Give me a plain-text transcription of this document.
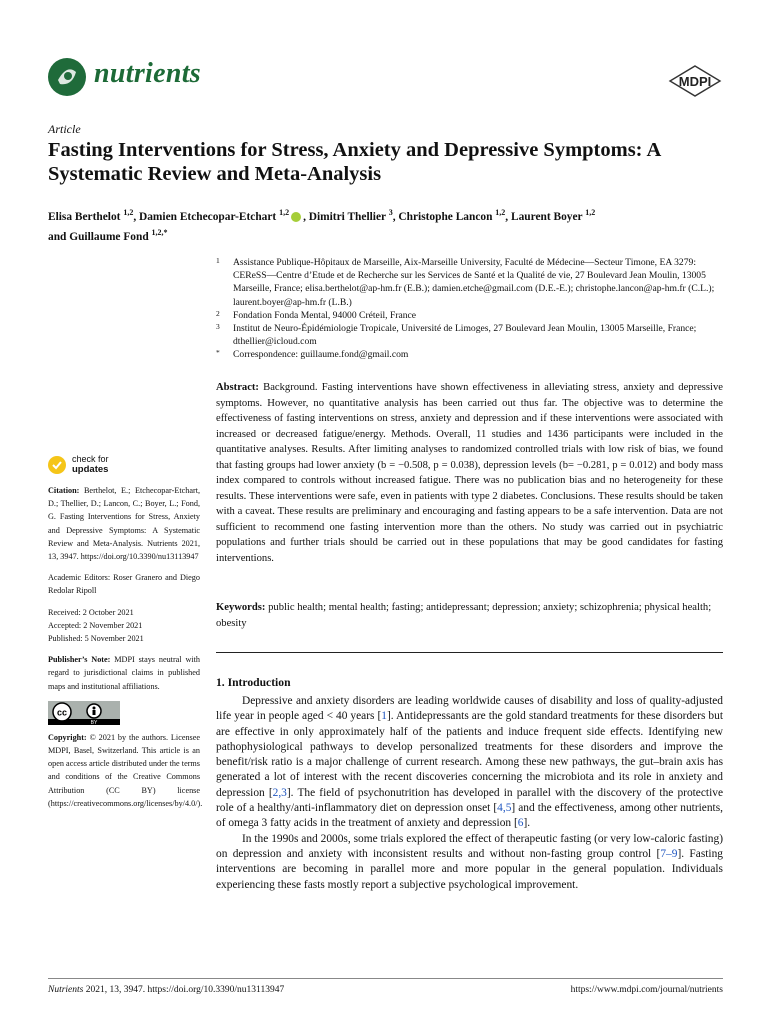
nutrients	MDPI
Article
Fasting Interventions for Stress, Anxiety and Depressive Symptoms: A Systematic Review and Meta-Analysis
Elisa Berthelot $^{1,2}$, Damien Etchecopar-Etchart $^{1,2}$ , Dimitri Thellier $^3$, Christophe Lancon $^{1,2}$, Laurent Boyer $^{1,2}$
and Guillaume Fond $^{1,2,*}$
1 Assistance Publique-Hôpitaux de Marseille, Aix-Marseille University, Faculté de Médecine—Secteur Timone, EA 3279: CEReSS—Centre d’Etude et de Recherche sur les Services de Santé et la Qualité de vie, 27 Boulevard Jean Moulin, 13005 Marseille, France; elisa.berthelot@ap-hm.fr (E.B.); damien.etche@gmail.com (D.E.-E.); christophe.lancon@ap-hm.fr (C.L.); laurent.boyer@ap-hm.fr (L.B.)
2 Fondation Fonda Mental, 94000 Créteil, France
3 Institut de Neuro-Épidémiologie Tropicale, Université de Limoges, 27 Boulevard Jean Moulin, 13005 Marseille, France; dthellier@icloud.com
* Correspondence: guillaume.fond@gmail.com
Abstract: Background. Fasting interventions have shown effectiveness in alleviating stress, anxiety and depressive symptoms. However, no quantitative analysis has been carried out thus far. The objective was to determine the effectiveness of fasting interventions on stress, anxiety and depression and if these interventions were associated with increased or decreased fatigue/energy. Methods. Overall, 11 studies and 1436 participants were included in the quantitative analyses. Results. After limiting analyses to randomized controlled trials with low risk of bias, we found that fasting groups had lower anxiety (b = −0.508, p = 0.038), depression levels (b= −0.281, p = 0.012) and body mass index compared to controls without increased fatigue. There was no publication bias and no heterogeneity for these results. These interventions were safe, even in patients with type 2 diabetes. Conclusions. These results should be taken with a caveat. These results are preliminary and encouraging and fasting appears to be a safe intervention. Data are not sufficient to recommend one fasting intervention more than the others. No study was carried out in psychiatric populations and further trials should be carried out in these populations that may be good candidates for fasting interventions.
Keywords: public health; mental health; fasting; antidepressant; depression; anxiety; schizophrenia; physical health; obesity
check for
updates
Citation: Berthelot, E.; Etchecopar-Etchart, D.; Thellier, D.; Lancon, C.; Boyer, L.; Fond, G. Fasting Interventions for Stress, Anxiety and Depressive Symptoms: A Systematic Review and Meta-Analysis. Nutrients 2021, 13, 3947. https://doi.org/10.3390/nu13113947
Academic Editors: Roser Granero and Diego Redolar Ripoll
Received: 2 October 2021
Accepted: 2 November 2021
Published: 5 November 2021
Publisher’s Note: MDPI stays neutral with regard to jurisdictional claims in published maps and institutional affiliations.
cc
BY
Copyright: © 2021 by the authors. Licensee MDPI, Basel, Switzerland. This article is an open access article distributed under the terms and conditions of the Creative Commons Attribution (CC BY) license (https://creativecommons.org/licenses/by/4.0/).
1. Introduction

Depressive and anxiety disorders are leading worldwide causes of disability and loss of quality-adjusted life year in people aged < 40 years [1]. Antidepressants are the gold standard treatments for these disorders but are effective in only approximately half of the patients and induce frequent side effects. Identifying new pathophysiological pathways to develop personalized treatments for these disorders and improve the benefit/risk ratio is a major challenge of current research. Among these new pathways, the gut–brain axis has generated a lot of interest with the recent discoveries concerning the microbiota and its role in anxiety and depression [2,3]. The field of psychonutrition has developed in parallel with the discovery of the protective role of a healthy/anti-inflammatory diet on depression onset [4,5] and the effectiveness, among other nutrients, of omega 3 fatty acids in the treatment of anxiety and depression [6].

In the 1990s and 2000s, some trials explored the effect of therapeutic fasting (or very low-caloric fasting) on depression and anxiety with inconsistent results and without non-fasting group control [7–9]. Fasting interventions are becoming in parallel more and more popular in the general population. Individuals experiencing these fasts mostly report a subjective psychological improvement.

Nutrients 2021, 13, 3947. https://doi.org/10.3390/nu13113947	https://www.mdpi.com/journal/nutrients
